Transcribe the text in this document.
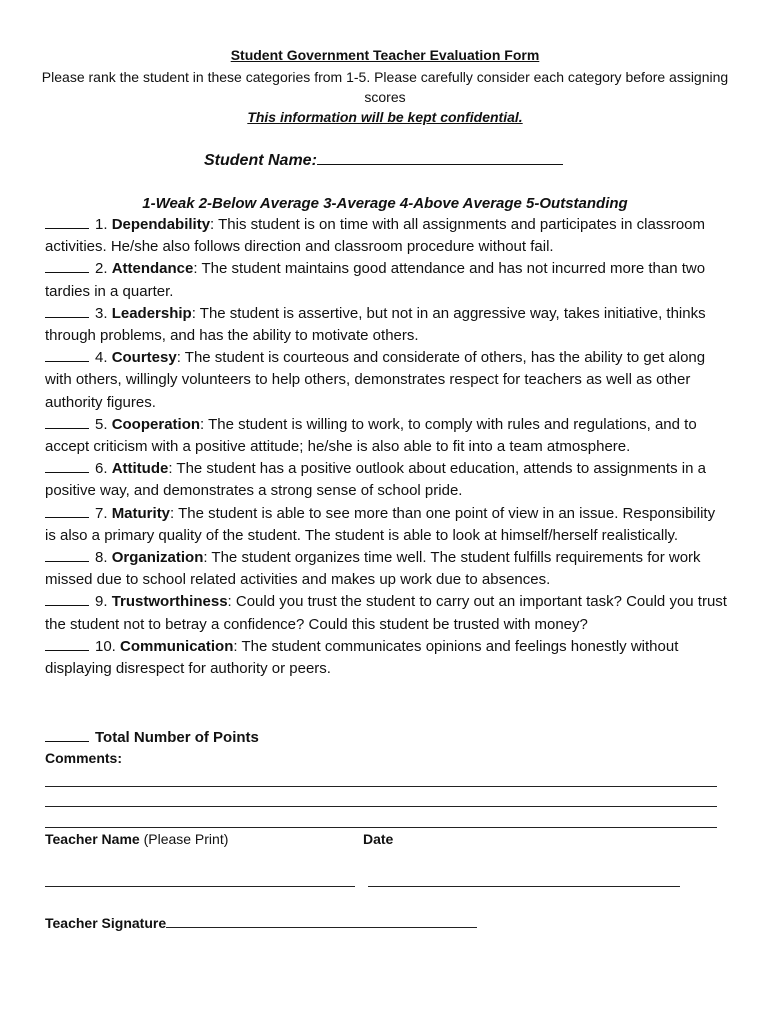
Student Government Teacher Evaluation Form
Please rank the student in these categories from 1-5. Please carefully consider each category before assigning scores
This information will be kept confidential.
Student Name:
1-Weak 2-Below Average 3-Average 4-Above Average 5-Outstanding

1. Dependability: This student is on time with all assignments and participates in classroom activities. He/she also follows direction and classroom procedure without fail.

2. Attendance: The student maintains good attendance and has not incurred more than two tardies in a quarter.

3. Leadership: The student is assertive, but not in an aggressive way, takes initiative, thinks through problems, and has the ability to motivate others.

4. Courtesy: The student is courteous and considerate of others, has the ability to get along with others, willingly volunteers to help others, demonstrates respect for teachers as well as other authority figures.

5. Cooperation: The student is willing to work, to comply with rules and regulations, and to accept criticism with a positive attitude; he/she is also able to fit into a team atmosphere.

6. Attitude: The student has a positive outlook about education, attends to assignments in a positive way, and demonstrates a strong sense of school pride.

7. Maturity: The student is able to see more than one point of view in an issue. Responsibility is also a primary quality of the student. The student is able to look at himself/herself realistically.

8. Organization: The student organizes time well. The student fulfills requirements for work missed due to school related activities and makes up work due to absences.

9. Trustworthiness: Could you trust the student to carry out an important task? Could you trust the student not to betray a confidence? Could this student be trusted with money?

10. Communication: The student communicates opinions and feelings honestly without displaying disrespect for authority or peers.

Total Number of Points
Comments:
Teacher Name (Please Print)	Date
Teacher Signature
